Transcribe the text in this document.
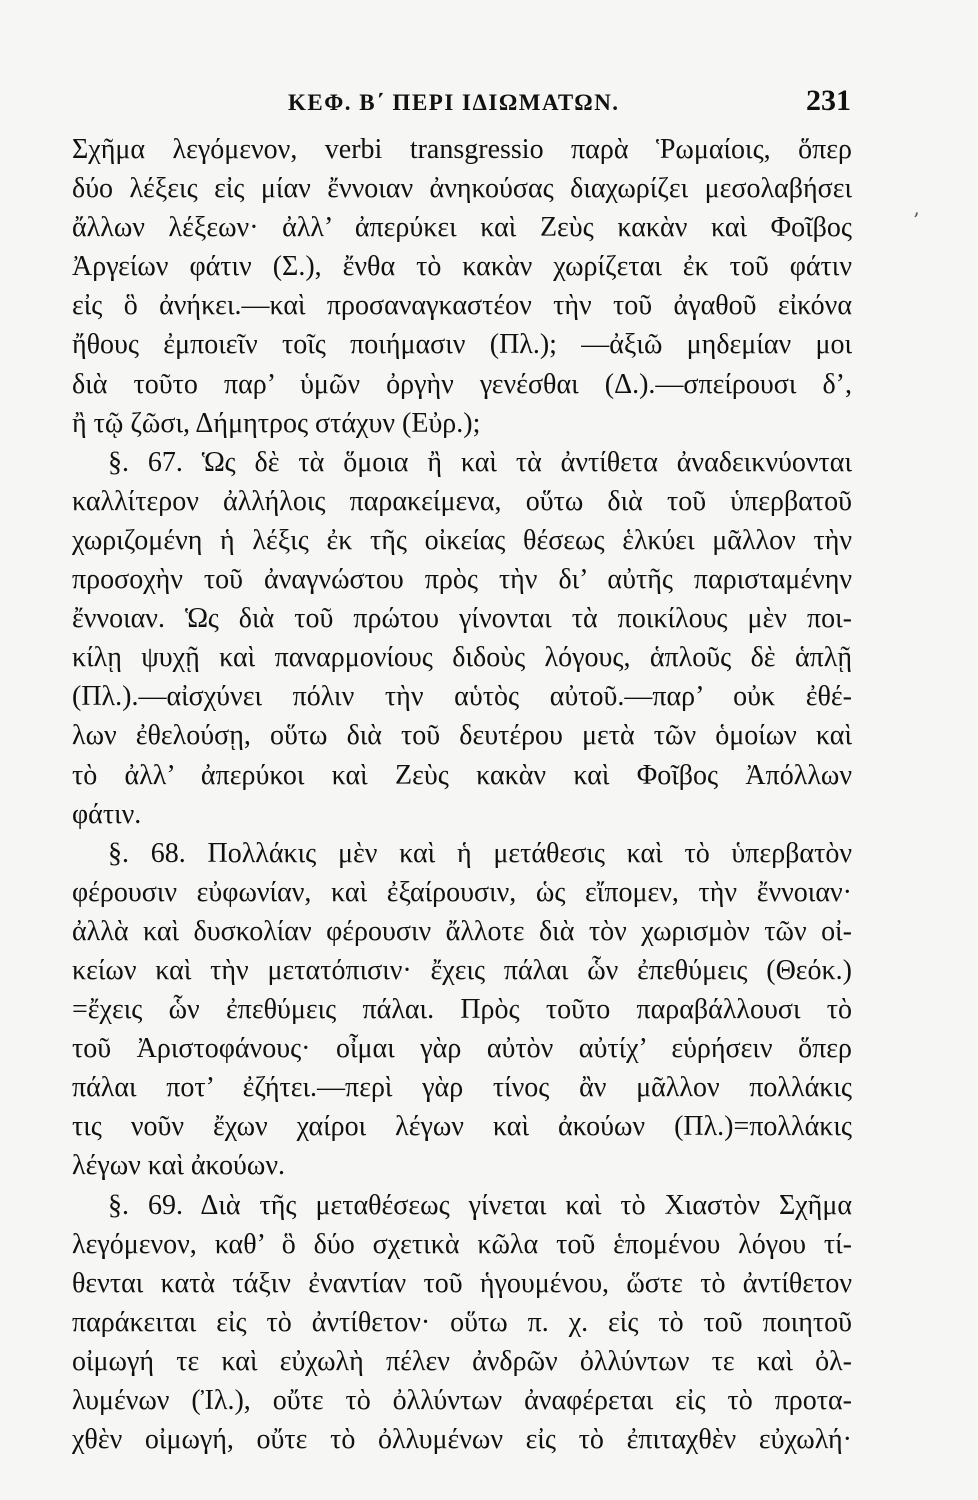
ΚΕΦ. Β΄ ΠΕΡΙ ΙΔΙΩΜΑΤΩΝ.	231
’
Σχῆμα λεγόμενον, verbi transgressio παρὰ Ῥωμαίοις, ὅπερ
δύο λέξεις εἰς μίαν ἔννοιαν ἀνηκούσας διαχωρίζει μεσολαβήσει
ἄλλων λέξεων· ἀλλ’ ἀπερύκει καὶ Ζεὺς κακὰν καὶ Φοῖβος
Ἀργείων φάτιν (Σ.), ἔνθα τὸ κακὰν χωρίζεται ἐκ τοῦ φάτιν
εἰς ὃ ἀνήκει.—καὶ προσαναγκαστέον τὴν τοῦ ἀγαθοῦ εἰκόνα
ἤθους ἐμποιεῖν τοῖς ποιήμασιν (Πλ.); —ἀξιῶ μηδεμίαν μοι
διὰ τοῦτο παρ’ ὑμῶν ὀργὴν γενέσθαι (Δ.).—σπείρουσι δ’,
ἢ τῷ ζῶσι, Δήμητρος στάχυν (Εὐρ.);
§. 67. Ὡς δὲ τὰ ὅμοια ἢ καὶ τὰ ἀντίθετα ἀναδεικνύονται
καλλίτερον ἀλλήλοις παρακείμενα, οὕτω διὰ τοῦ ὑπερβατοῦ
χωριζομένη ἡ λέξις ἐκ τῆς οἰκείας θέσεως ἑλκύει μᾶλλον τὴν
προσοχὴν τοῦ ἀναγνώστου πρὸς τὴν δι’ αὐτῆς παρισταμένην
ἔννοιαν. Ὡς διὰ τοῦ πρώτου γίνονται τὰ ποικίλους μὲν ποι-
κίλῃ ψυχῇ καὶ παναρμονίους διδοὺς λόγους, ἁπλοῦς δὲ ἁπλῇ
(Πλ.).—αἰσχύνει πόλιν τὴν αὑτὸς αὐτοῦ.—παρ’ οὐκ ἐθέ-
λων ἐθελούσῃ, οὕτω διὰ τοῦ δευτέρου μετὰ τῶν ὁμοίων καὶ
τὸ ἀλλ’ ἀπερύκοι καὶ Ζεὺς κακὰν καὶ Φοῖβος Ἀπόλλων
φάτιν.
§. 68. Πολλάκις μὲν καὶ ἡ μετάθεσις καὶ τὸ ὑπερβατὸν
φέρουσιν εὐφωνίαν, καὶ ἐξαίρουσιν, ὡς εἴπομεν, τὴν ἔννοιαν·
ἀλλὰ καὶ δυσκολίαν φέρουσιν ἄλλοτε διὰ τὸν χωρισμὸν τῶν οἰ-
κείων καὶ τὴν μετατόπισιν· ἔχεις πάλαι ὧν ἐπεθύμεις (Θεόκ.)
=ἔχεις ὧν ἐπεθύμεις πάλαι. Πρὸς τοῦτο παραβάλλουσι τὸ
τοῦ Ἀριστοφάνους· οἶμαι γὰρ αὐτὸν αὐτίχ’ εὑρήσειν ὅπερ
πάλαι ποτ’ ἐζήτει.—περὶ γὰρ τίνος ἂν μᾶλλον πολλάκις
τις νοῦν ἔχων χαίροι λέγων καὶ ἀκούων (Πλ.)=πολλάκις
λέγων καὶ ἀκούων.
§. 69. Διὰ τῆς μεταθέσεως γίνεται καὶ τὸ Χιαστὸν Σχῆμα
λεγόμενον, καθ’ ὃ δύο σχετικὰ κῶλα τοῦ ἑπομένου λόγου τί-
θενται κατὰ τάξιν ἐναντίαν τοῦ ἡγουμένου, ὥστε τὸ ἀντίθετον
παράκειται εἰς τὸ ἀντίθετον· οὕτω π. χ. εἰς τὸ τοῦ ποιητοῦ
οἰμωγή τε καὶ εὐχωλὴ πέλεν ἀνδρῶν ὀλλύντων τε καὶ ὀλ-
λυμένων (Ἰλ.), οὔτε τὸ ὀλλύντων ἀναφέρεται εἰς τὸ προτα-
χθὲν οἰμωγή, οὔτε τὸ ὀλλυμένων εἰς τὸ ἐπιταχθὲν εὐχωλή·
